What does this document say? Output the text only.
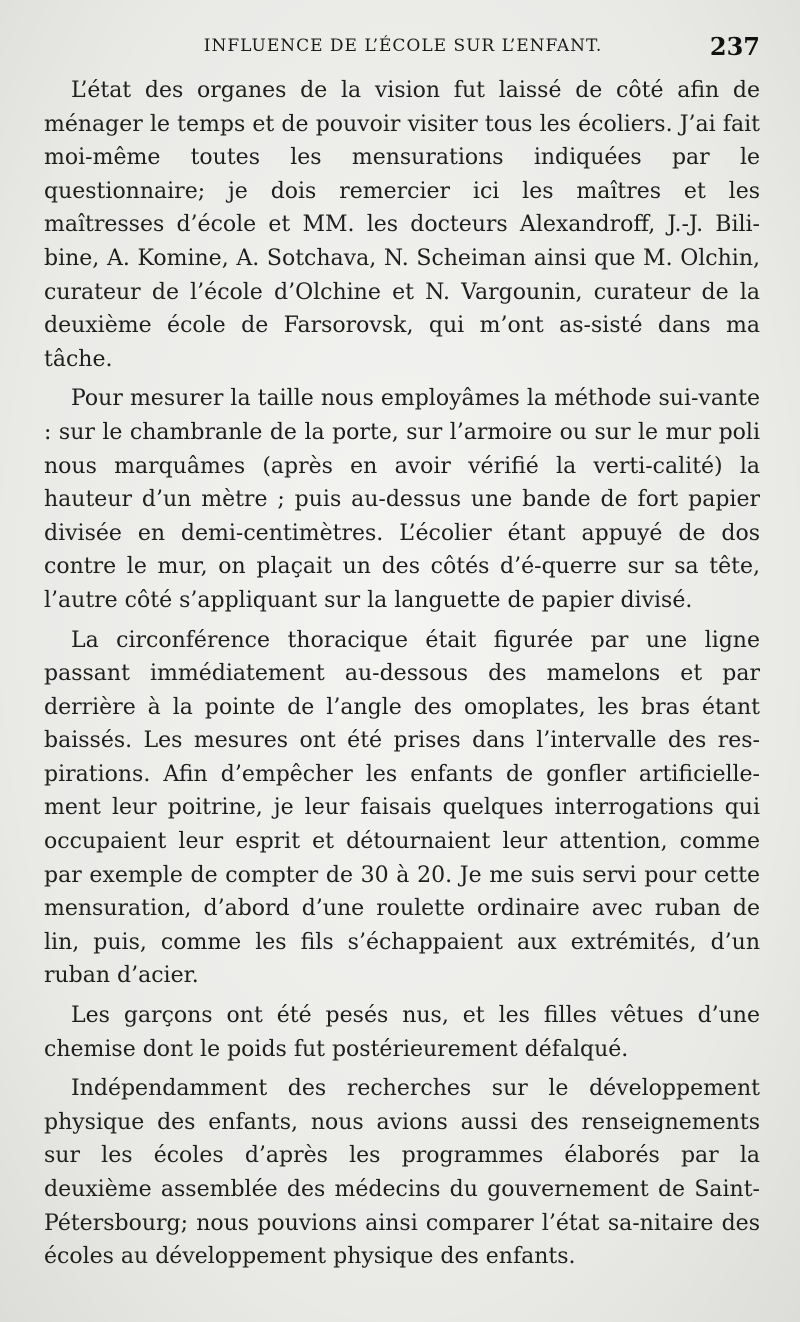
INFLUENCE DE L’ÉCOLE SUR L’ENFANT.	237

L’état des organes de la vision fut laissé de côté afin de ménager le temps et de pouvoir visiter tous les écoliers. J’ai fait moi-même toutes les mensurations indiquées par le questionnaire; je dois remercier ici les maîtres et les maîtresses d’école et MM. les docteurs Alexandroff, J.-J. Bili-bine, A. Komine, A. Sotchava, N. Scheiman ainsi que M. Olchin, curateur de l’école d’Olchine et N. Vargounin, curateur de la deuxième école de Farsorovsk, qui m’ont as-sisté dans ma tâche.

Pour mesurer la taille nous employâmes la méthode sui-vante : sur le chambranle de la porte, sur l’armoire ou sur le mur poli nous marquâmes (après en avoir vérifié la verti-calité) la hauteur d’un mètre ; puis au-dessus une bande de fort papier divisée en demi-centimètres. L’écolier étant appuyé de dos contre le mur, on plaçait un des côtés d’é-querre sur sa tête, l’autre côté s’appliquant sur la languette de papier divisé.

La circonférence thoracique était figurée par une ligne passant immédiatement au-dessous des mamelons et par derrière à la pointe de l’angle des omoplates, les bras étant baissés. Les mesures ont été prises dans l’intervalle des res-pirations. Afin d’empêcher les enfants de gonfler artificielle-ment leur poitrine, je leur faisais quelques interrogations qui occupaient leur esprit et détournaient leur attention, comme par exemple de compter de 30 à 20. Je me suis servi pour cette mensuration, d’abord d’une roulette ordinaire avec ruban de lin, puis, comme les fils s’échappaient aux extrémités, d’un ruban d’acier.

Les garçons ont été pesés nus, et les filles vêtues d’une chemise dont le poids fut postérieurement défalqué.

Indépendamment des recherches sur le développement physique des enfants, nous avions aussi des renseignements sur les écoles d’après les programmes élaborés par la deuxième assemblée des médecins du gouvernement de Saint-Pétersbourg; nous pouvions ainsi comparer l’état sa-nitaire des écoles au développement physique des enfants.
